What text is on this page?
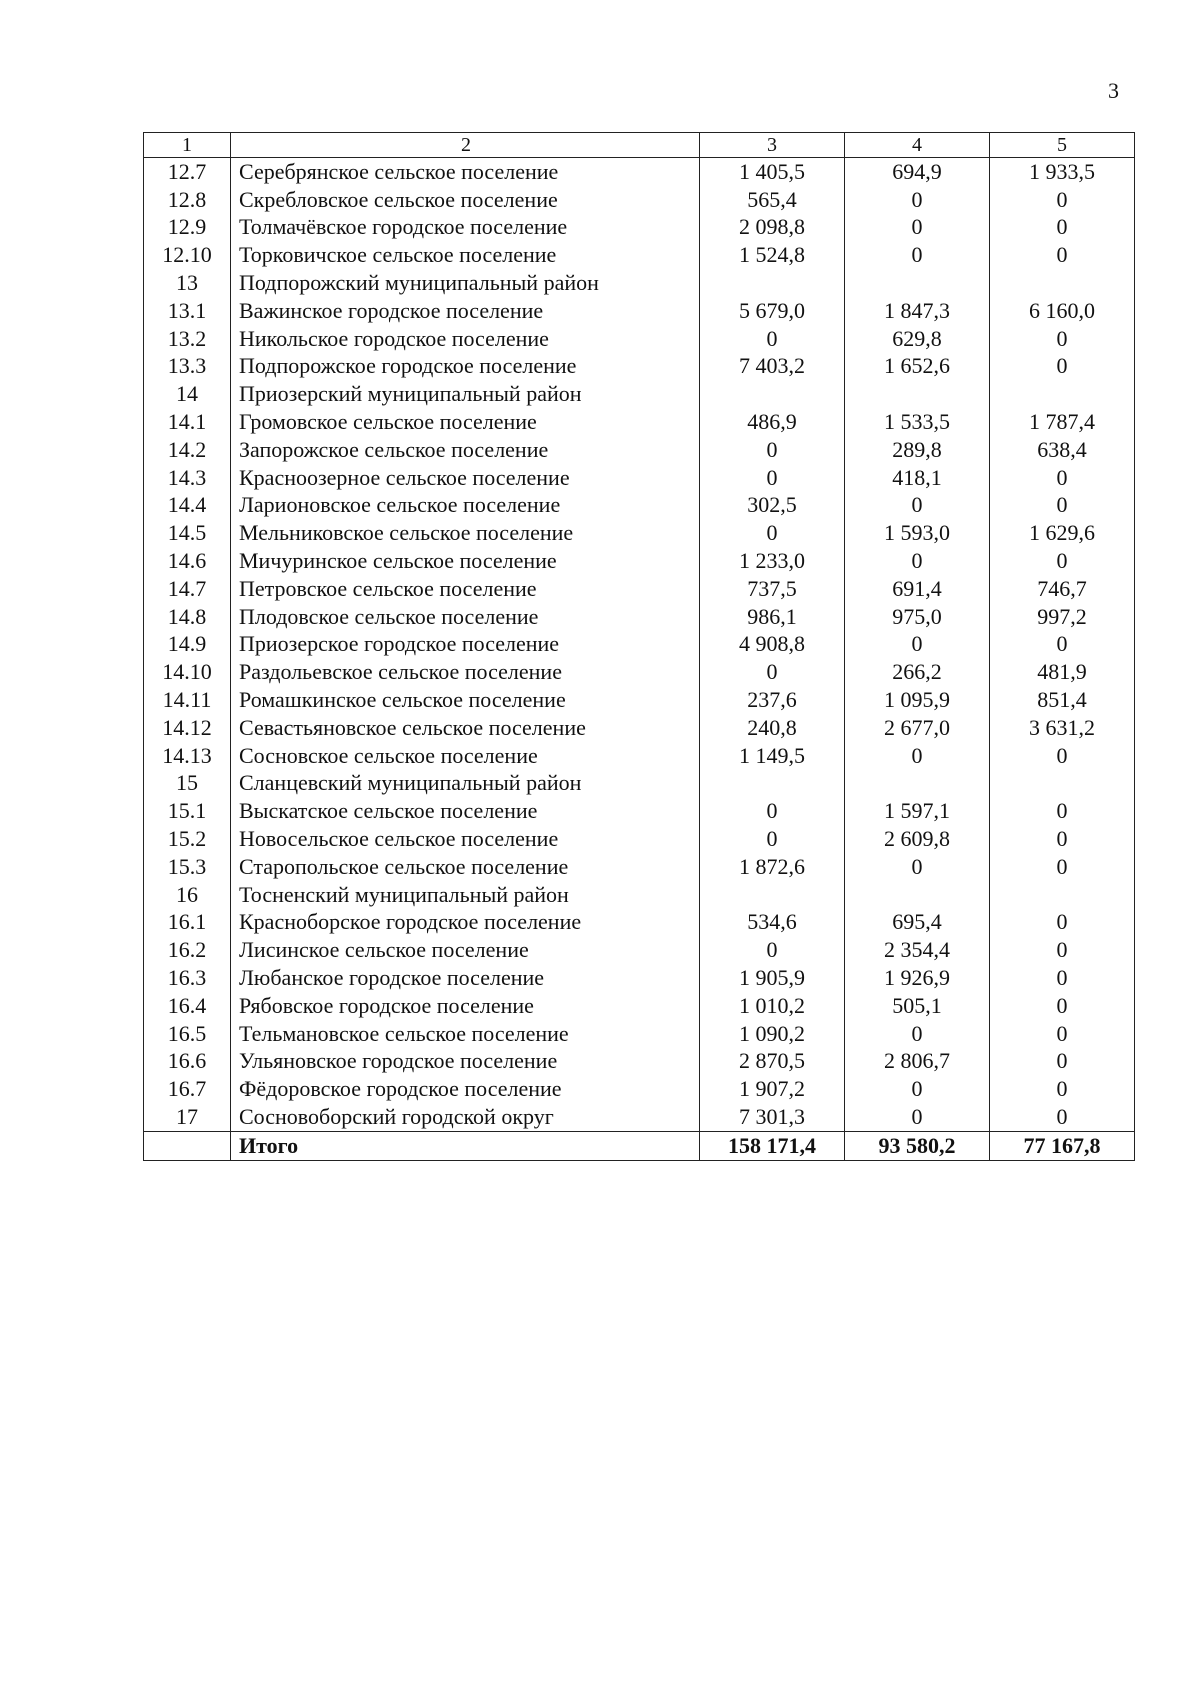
3
1	2	3	4	5
12.7	Серебрянское сельское поселение	1 405,5	694,9	1 933,5
12.8	Скребловское сельское поселение	565,4	0	0
12.9	Толмачёвское городское поселение	2 098,8	0	0
12.10	Торковичское сельское поселение	1 524,8	0	0
13	Подпорожский муниципальный район			
13.1	Важинское городское поселение	5 679,0	1 847,3	6 160,0
13.2	Никольское городское поселение	0	629,8	0
13.3	Подпорожское городское поселение	7 403,2	1 652,6	0
14	Приозерский муниципальный район			
14.1	Громовское сельское поселение	486,9	1 533,5	1 787,4
14.2	Запорожское сельское поселение	0	289,8	638,4
14.3	Красноозерное сельское поселение	0	418,1	0
14.4	Ларионовское сельское поселение	302,5	0	0
14.5	Мельниковское сельское поселение	0	1 593,0	1 629,6
14.6	Мичуринское сельское поселение	1 233,0	0	0
14.7	Петровское сельское поселение	737,5	691,4	746,7
14.8	Плодовское сельское поселение	986,1	975,0	997,2
14.9	Приозерское городское поселение	4 908,8	0	0
14.10	Раздольевское сельское поселение	0	266,2	481,9
14.11	Ромашкинское сельское поселение	237,6	1 095,9	851,4
14.12	Севастьяновское сельское поселение	240,8	2 677,0	3 631,2
14.13	Сосновское сельское поселение	1 149,5	0	0
15	Сланцевский муниципальный район			
15.1	Выскатское сельское поселение	0	1 597,1	0
15.2	Новосельское сельское поселение	0	2 609,8	0
15.3	Старопольское сельское поселение	1 872,6	0	0
16	Тосненский муниципальный район			
16.1	Красноборское городское поселение	534,6	695,4	0
16.2	Лисинское сельское поселение	0	2 354,4	0
16.3	Любанское городское поселение	1 905,9	1 926,9	0
16.4	Рябовское городское поселение	1 010,2	505,1	0
16.5	Тельмановское сельское поселение	1 090,2	0	0
16.6	Ульяновское городское поселение	2 870,5	2 806,7	0
16.7	Фёдоровское городское поселение	1 907,2	0	0
17	Сосновоборский городской округ	7 301,3	0	0
	Итого	158 171,4	93 580,2	77 167,8
